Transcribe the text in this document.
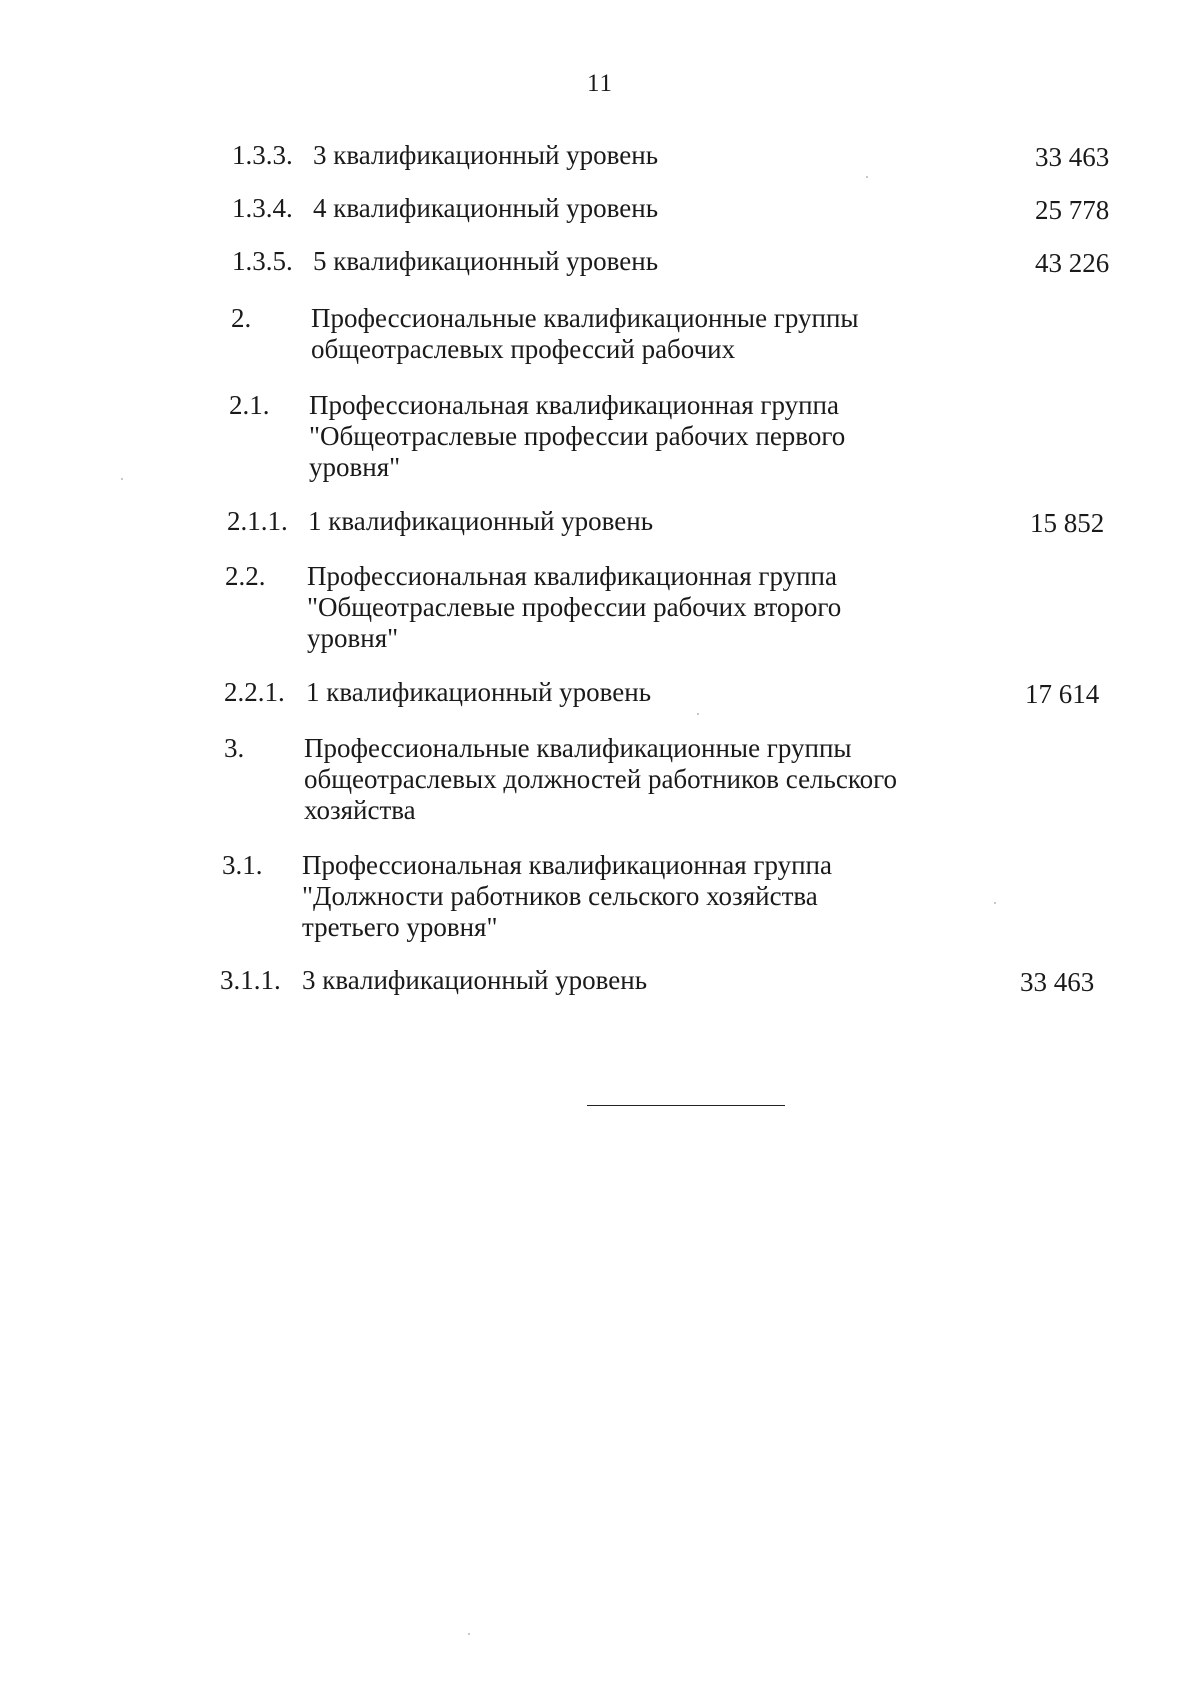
11
1.3.3. 3 квалификационный уровень	33 463
1.3.4. 4 квалификационный уровень	25 778
1.3.5. 5 квалификационный уровень	43 226
2. Профессиональные квалификационные группы
общеотраслевых профессий рабочих
2.1. Профессиональная квалификационная группа
"Общеотраслевые профессии рабочих первого
уровня"
2.1.1. 1 квалификационный уровень	15 852
2.2. Профессиональная квалификационная группа
"Общеотраслевые профессии рабочих второго
уровня"
2.2.1. 1 квалификационный уровень	17 614
3. Профессиональные квалификационные группы
общеотраслевых должностей работников сельского
хозяйства
3.1. Профессиональная квалификационная группа
"Должности работников сельского хозяйства
третьего уровня"
3.1.1. 3 квалификационный уровень	33 463
